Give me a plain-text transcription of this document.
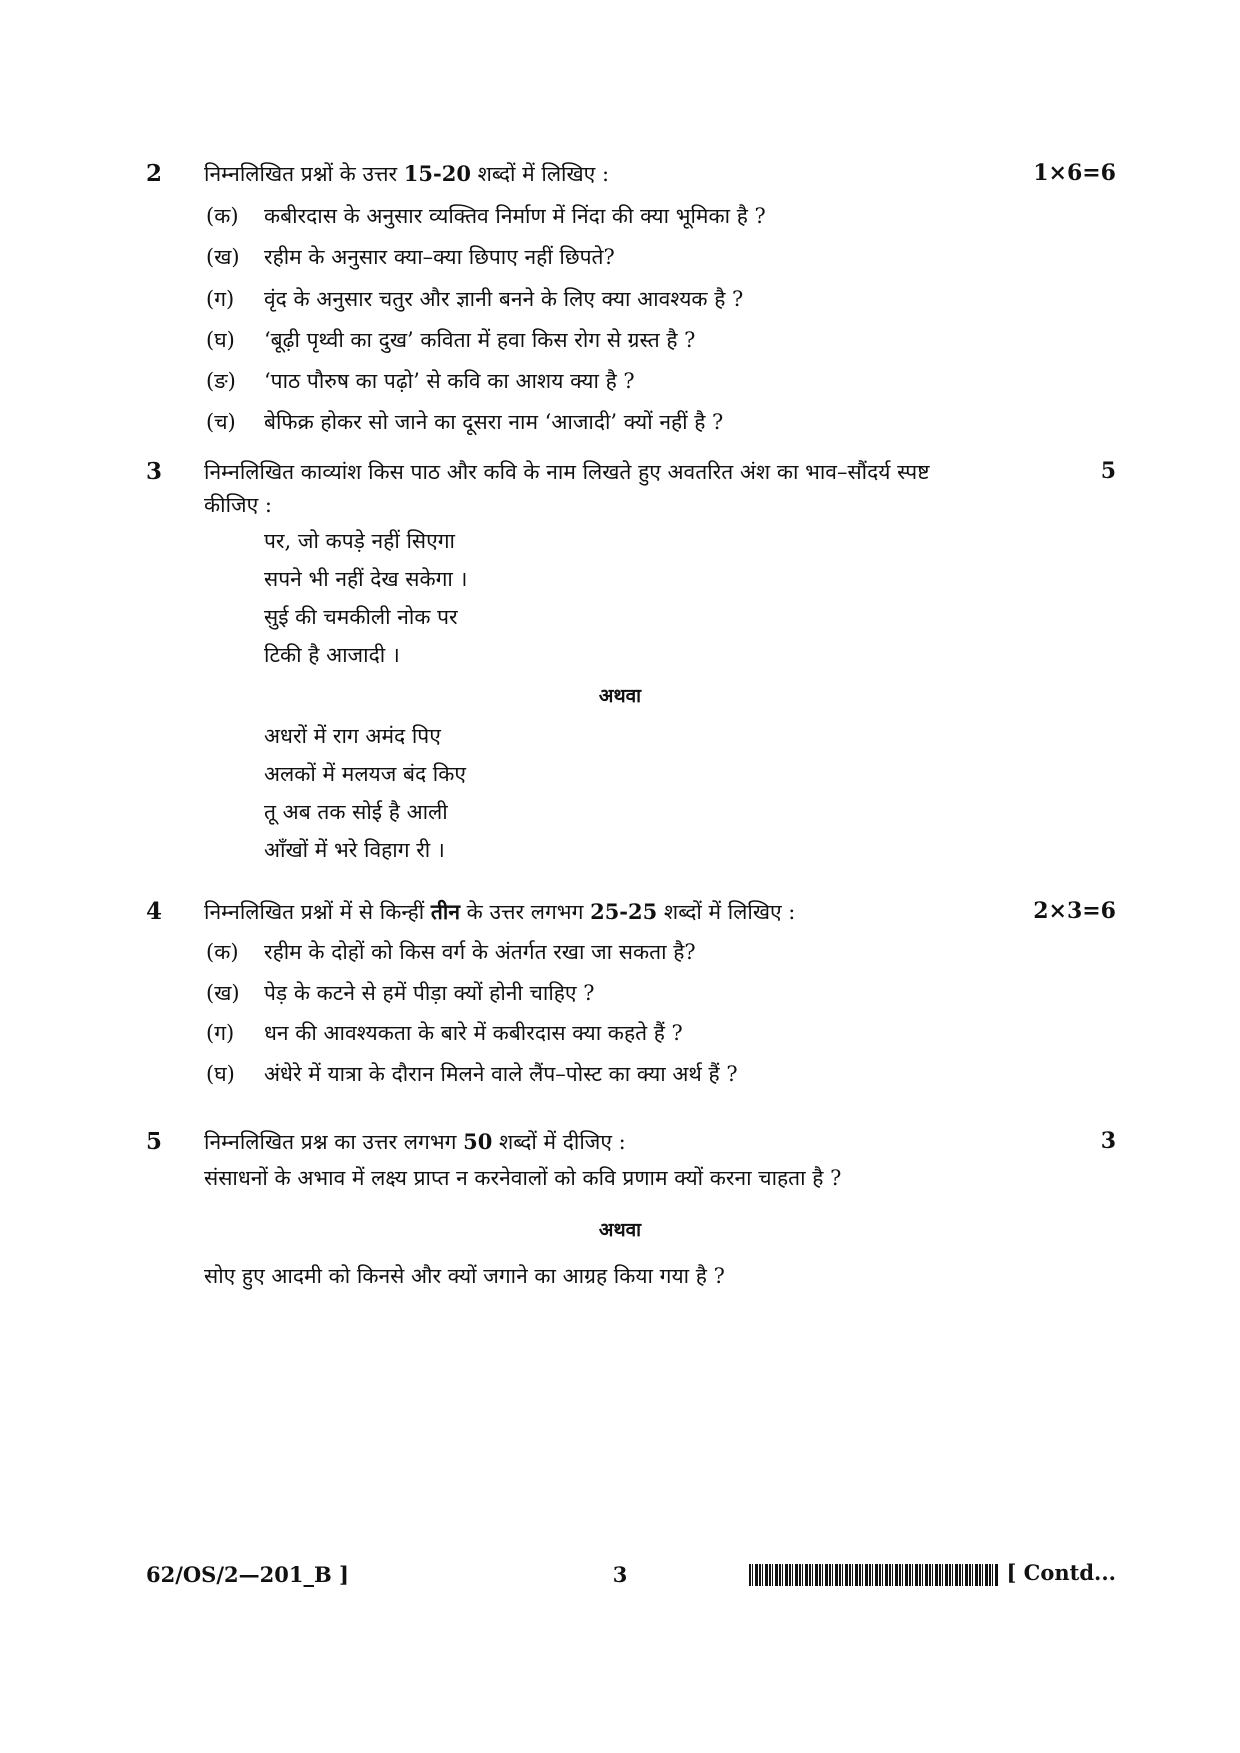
2 निम्नलिखित प्रश्नों के उत्तर 15-20 शब्दों में लिखिए :	1×6=6
(क) कबीरदास के अनुसार व्यक्तिव निर्माण में निंदा की क्या भूमिका है ?
(ख) रहीम के अनुसार क्या–क्या छिपाए नहीं छिपते?
(ग) वृंद के अनुसार चतुर और ज्ञानी बनने के लिए क्या आवश्यक है ?
(घ) ‘बूढ़ी पृथ्वी का दुख’ कविता में हवा किस रोग से ग्रस्त है ?
(ङ) ‘पाठ पौरुष का पढ़ो’ से कवि का आशय क्या है ?
(च) बेफिक्र होकर सो जाने का दूसरा नाम ‘आजादी’ क्यों नहीं है ?
3 निम्नलिखित काव्यांश किस पाठ और कवि के नाम लिखते हुए अवतरित अंश का भाव–सौंदर्य स्पष्ट
कीजिए :
5
पर, जो कपड़े नहीं सिएगा
सपने भी नहीं देख सकेगा ।
सुई की चमकीली नोक पर
टिकी है आजादी ।
अथवा
अधरों में राग अमंद पिए
अलकों में मलयज बंद किए
तू अब तक सोई है आली
आँखों में भरे विहाग री ।
4 निम्नलिखित प्रश्नों में से किन्हीं तीन के उत्तर लगभग 25-25 शब्दों में लिखिए :	2×3=6
(क) रहीम के दोहों को किस वर्ग के अंतर्गत रखा जा सकता है?
(ख) पेड़ के कटने से हमें पीड़ा क्यों होनी चाहिए ?
(ग) धन की आवश्यकता के बारे में कबीरदास क्या कहते हैं ?
(घ) अंधेरे में यात्रा के दौरान मिलने वाले लैंप–पोस्ट का क्या अर्थ हैं ?
5 निम्नलिखित प्रश्न का उत्तर लगभग 50 शब्दों में दीजिए :	3
संसाधनों के अभाव में लक्ष्य प्राप्त न करनेवालों को कवि प्रणाम क्यों करना चाहता है ?
अथवा
सोए हुए आदमी को किनसे और क्यों जगाने का आग्रह किया गया है ?
62/OS/2—201_B ]	3	[ Contd...
